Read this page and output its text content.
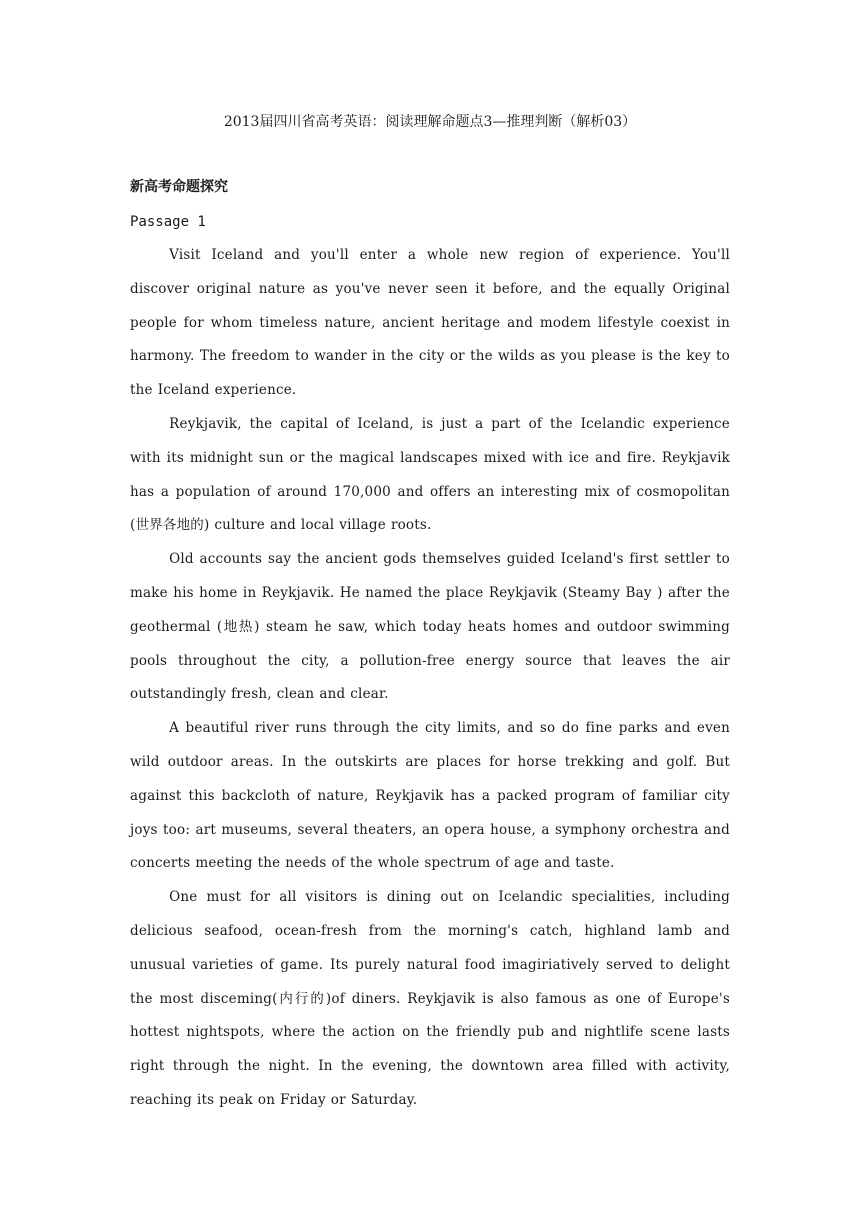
2013届四川省高考英语：阅读理解命题点3—推理判断（解析03）
新高考命题探究
Passage 1

Visit Iceland and you'll enter a whole new region of experience. You'll discover original nature as you've never seen it before, and the equally Original people for whom timeless nature, ancient heritage and modem lifestyle coexist in harmony. The freedom to wander in the city or the wilds as you please is the key to the Iceland experience.

Reykjavik, the capital of Iceland, is just a part of the Icelandic experience with its midnight sun or the magical landscapes mixed with ice and fire. Reykjavik has a population of around 170,000 and offers an interesting mix of cosmopolitan (世界各地的) culture and local village roots.

Old accounts say the ancient gods themselves guided Iceland's first settler to make his home in Reykjavik. He named the place Reykjavik (Steamy Bay ) after the geothermal (地热) steam he saw, which today heats homes and outdoor swimming pools throughout the city, a pollution-free energy source that leaves the air outstandingly fresh, clean and clear.

A beautiful river runs through the city limits, and so do fine parks and even wild outdoor areas. In the outskirts are places for horse trekking and golf. But against this backcloth of nature, Reykjavik has a packed program of familiar city joys too: art museums, several theaters, an opera house, a symphony orchestra and concerts meeting the needs of the whole spectrum of age and taste.

One must for all visitors is dining out on Icelandic specialities, including delicious seafood, ocean-fresh from the morning's catch, highland lamb and unusual varieties of game. Its purely natural food imagiriatively served to delight the most disceming(内行的)of diners. Reykjavik is also famous as one of Europe's hottest nightspots, where the action on the friendly pub and nightlife scene lasts right through the night. In the evening, the downtown area filled with activity, reaching its peak on Friday or Saturday.
